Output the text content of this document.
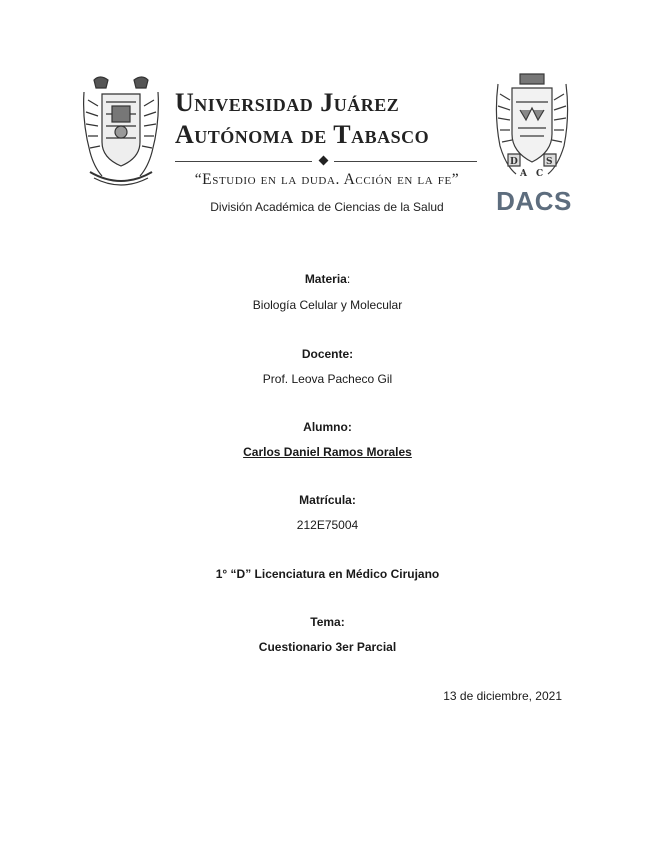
Universidad Juárez
Autónoma de Tabasco
“Estudio en la duda. Acción en la fe”
División Académica de Ciencias de la Salud
D	S
A C
DACS
Materia:
Biología Celular y Molecular
Docente:
Prof. Leova Pacheco Gil
Alumno:
Carlos Daniel Ramos Morales
Matrícula:
212E75004
1° “D” Licenciatura en Médico Cirujano
Tema:
Cuestionario 3er Parcial
13 de diciembre, 2021
